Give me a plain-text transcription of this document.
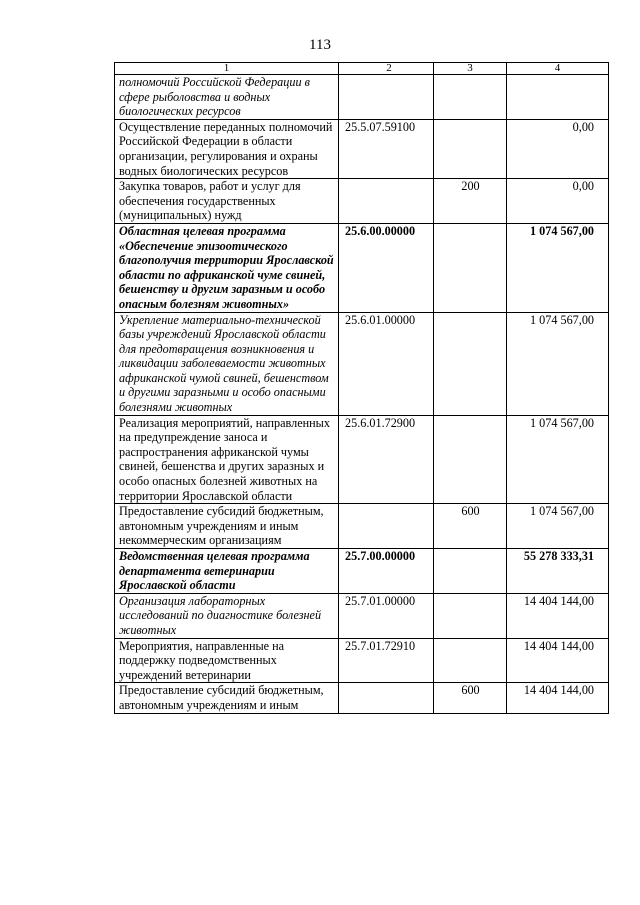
113
1	2	3	4
полномочий Российской Федерации в сфере рыболовства и водных биологических ресурсов			
Осуществление переданных полномочий Российской Федерации в области организации, регулирования и охраны водных биологических ресурсов	25.5.07.59100		0,00
Закупка товаров, работ и услуг для обеспечения государственных (муниципальных) нужд		200	0,00
Областная целевая программа «Обеспечение эпизоотического благополучия территории Ярославской области по африканской чуме свиней, бешенству и другим заразным и особо опасным болезням животных»	25.6.00.00000		1 074 567,00
Укрепление материально-технической базы учреждений Ярославской области для предотвращения возникновения и ликвидации заболеваемости животных африканской чумой свиней, бешенством и другими заразными и особо опасными болезнями животных	25.6.01.00000		1 074 567,00
Реализация мероприятий, направленных на предупреждение заноса и распространения африканской чумы свиней, бешенства и других заразных и особо опасных болезней животных на территории Ярославской области	25.6.01.72900		1 074 567,00
Предоставление субсидий бюджетным, автономным учреждениям и иным некоммерческим организациям		600	1 074 567,00
Ведомственная целевая программа департамента ветеринарии Ярославской области	25.7.00.00000		55 278 333,31
Организация лабораторных исследований по диагностике болезней животных	25.7.01.00000		14 404 144,00
Мероприятия, направленные на поддержку подведомственных учреждений ветеринарии	25.7.01.72910		14 404 144,00
Предоставление субсидий бюджетным, автономным учреждениям и иным		600	14 404 144,00
